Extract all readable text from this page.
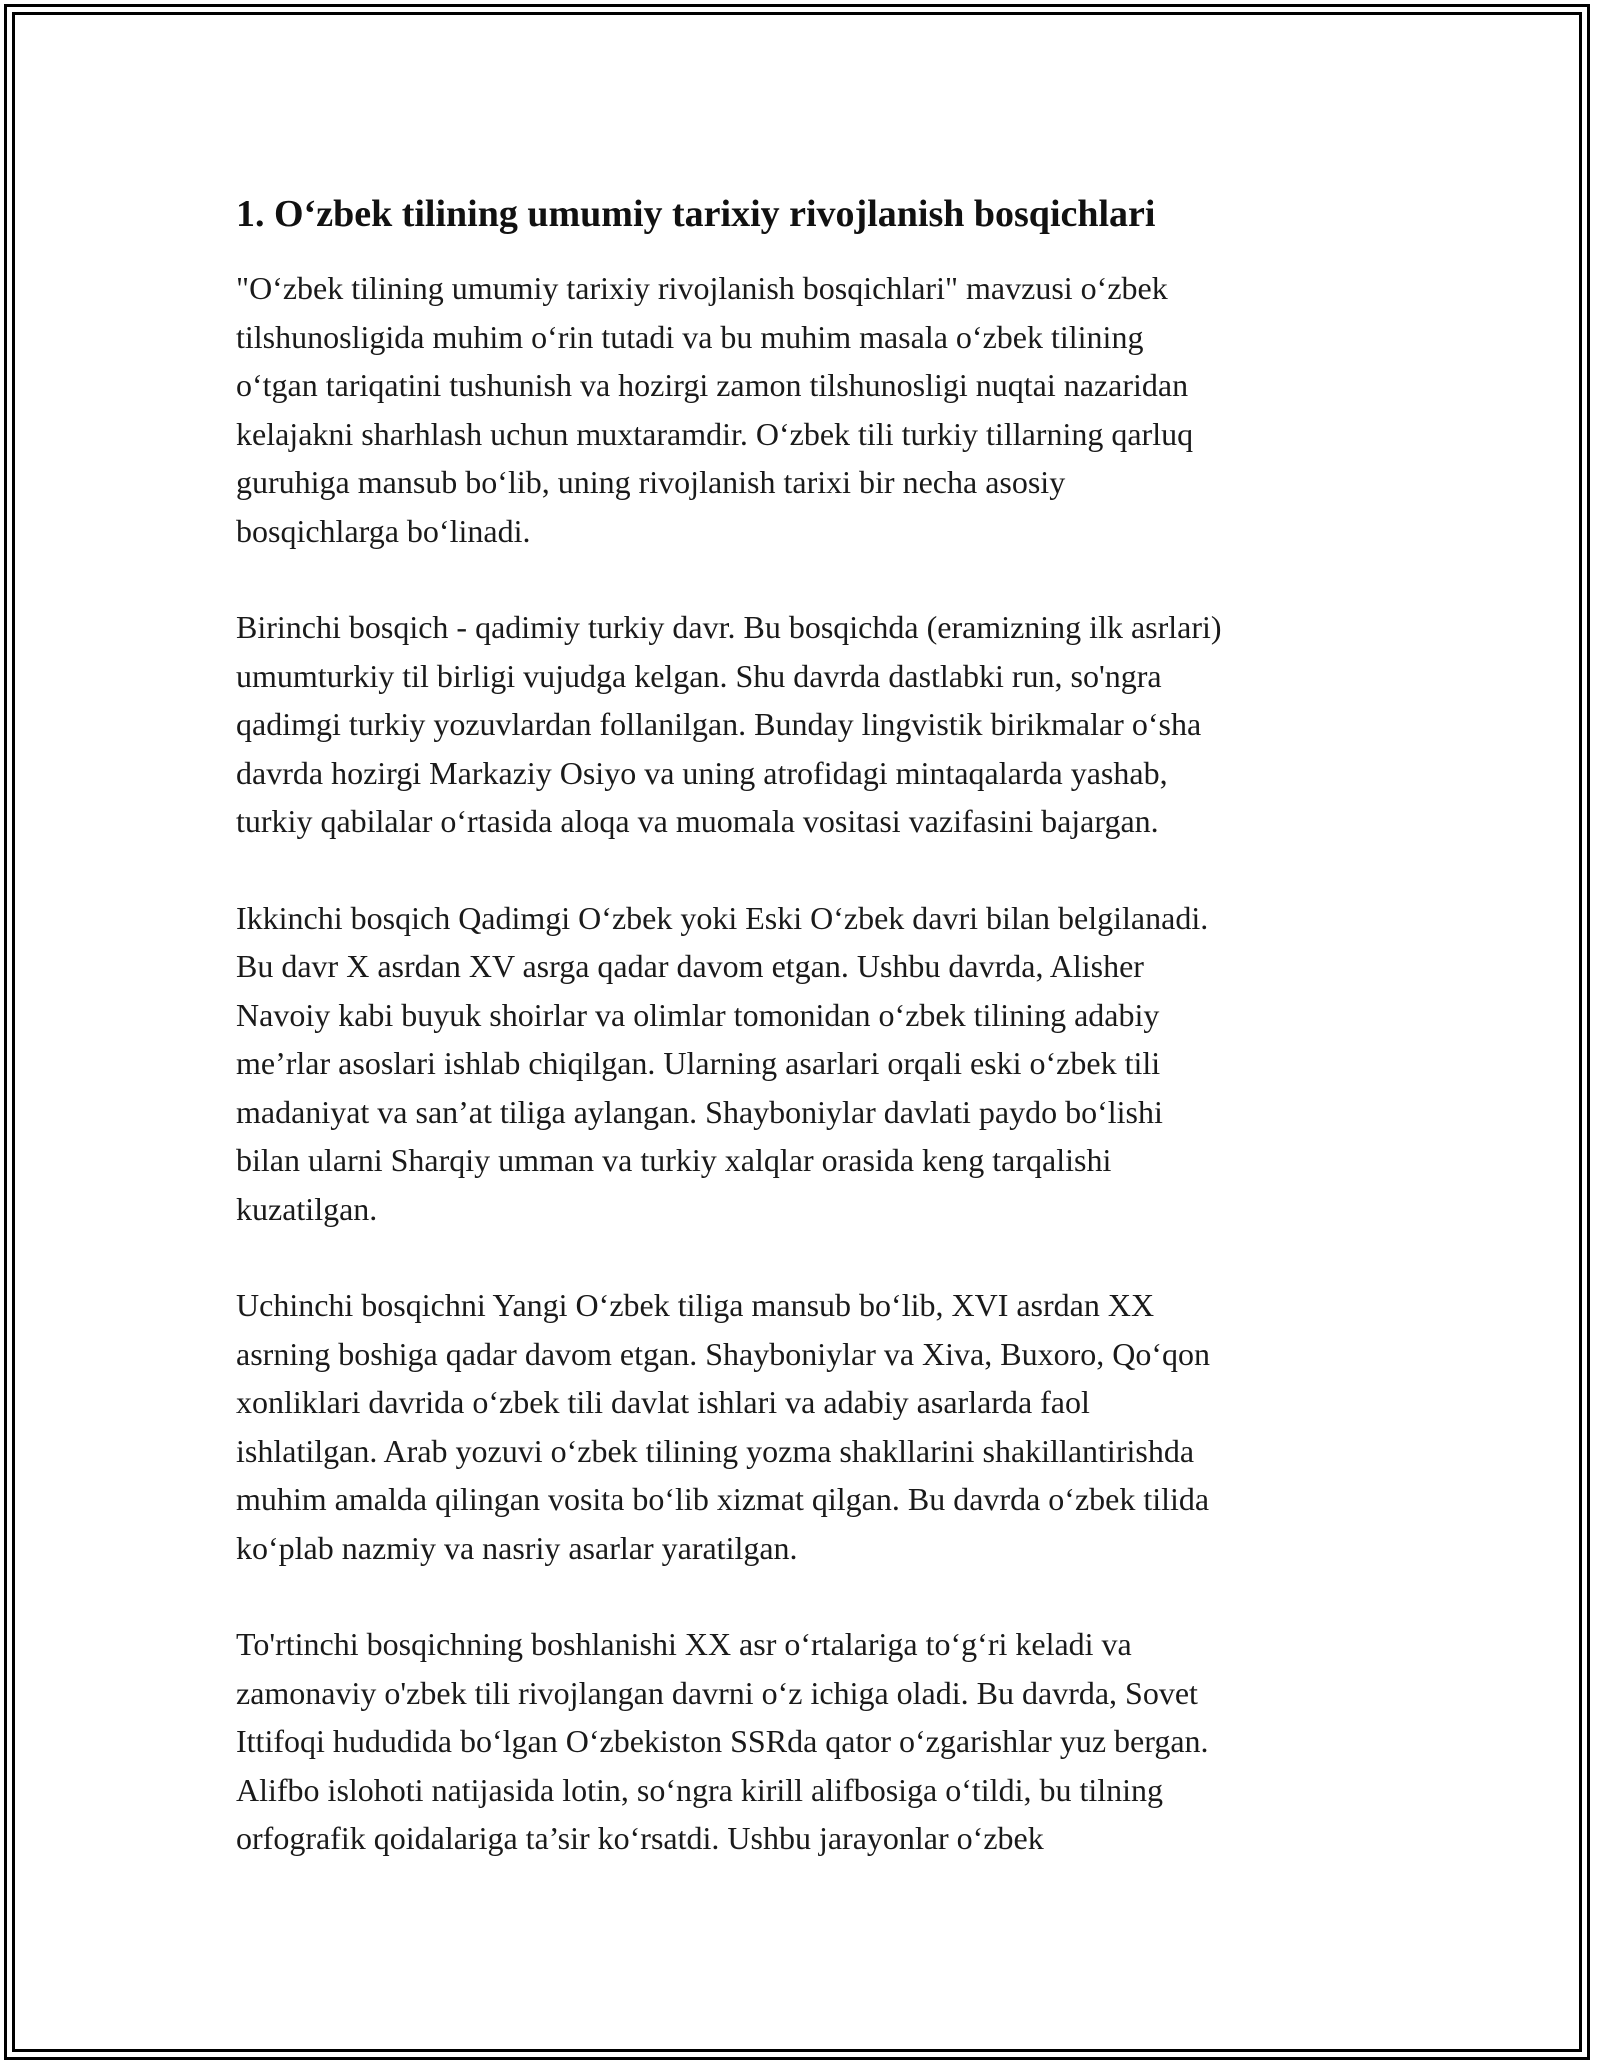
1. O‘zbek tilining umumiy tarixiy rivojlanish bosqichlari

"O‘zbek tilining umumiy tarixiy rivojlanish bosqichlari" mavzusi o‘zbek
tilshunosligida muhim o‘rin tutadi va bu muhim masala o‘zbek tilining
o‘tgan tariqatini tushunish va hozirgi zamon tilshunosligi nuqtai nazaridan
kelajakni sharhlash uchun muxtaramdir. O‘zbek tili turkiy tillarning qarluq
guruhiga mansub bo‘lib, uning rivojlanish tarixi bir necha asosiy
bosqichlarga bo‘linadi.

Birinchi bosqich - qadimiy turkiy davr. Bu bosqichda (eramizning ilk asrlari)
umumturkiy til birligi vujudga kelgan. Shu davrda dastlabki run, so'ngra
qadimgi turkiy yozuvlardan follanilgan. Bunday lingvistik birikmalar o‘sha
davrda hozirgi Markaziy Osiyo va uning atrofidagi mintaqalarda yashab,
turkiy qabilalar o‘rtasida aloqa va muomala vositasi vazifasini bajargan.

Ikkinchi bosqich Qadimgi O‘zbek yoki Eski O‘zbek davri bilan belgilanadi.
Bu davr X asrdan XV asrga qadar davom etgan. Ushbu davrda, Alisher
Navoiy kabi buyuk shoirlar va olimlar tomonidan o‘zbek tilining adabiy
me’rlar asoslari ishlab chiqilgan. Ularning asarlari orqali eski o‘zbek tili
madaniyat va san’at tiliga aylangan. Shayboniylar davlati paydo bo‘lishi
bilan ularni Sharqiy umman va turkiy xalqlar orasida keng tarqalishi
kuzatilgan.

Uchinchi bosqichni Yangi O‘zbek tiliga mansub bo‘lib, XVI asrdan XX
asrning boshiga qadar davom etgan. Shayboniylar va Xiva, Buxoro, Qo‘qon
xonliklari davrida o‘zbek tili davlat ishlari va adabiy asarlarda faol
ishlatilgan. Arab yozuvi o‘zbek tilining yozma shakllarini shakillantirishda
muhim amalda qilingan vosita bo‘lib xizmat qilgan. Bu davrda o‘zbek tilida
ko‘plab nazmiy va nasriy asarlar yaratilgan.

To'rtinchi bosqichning boshlanishi XX asr o‘rtalariga to‘g‘ri keladi va
zamonaviy o'zbek tili rivojlangan davrni o‘z ichiga oladi. Bu davrda, Sovet
Ittifoqi hududida bo‘lgan O‘zbekiston SSRda qator o‘zgarishlar yuz bergan.
Alifbo islohoti natijasida lotin, so‘ngra kirill alifbosiga o‘tildi, bu tilning
orfografik qoidalariga ta’sir ko‘rsatdi. Ushbu jarayonlar o‘zbek
